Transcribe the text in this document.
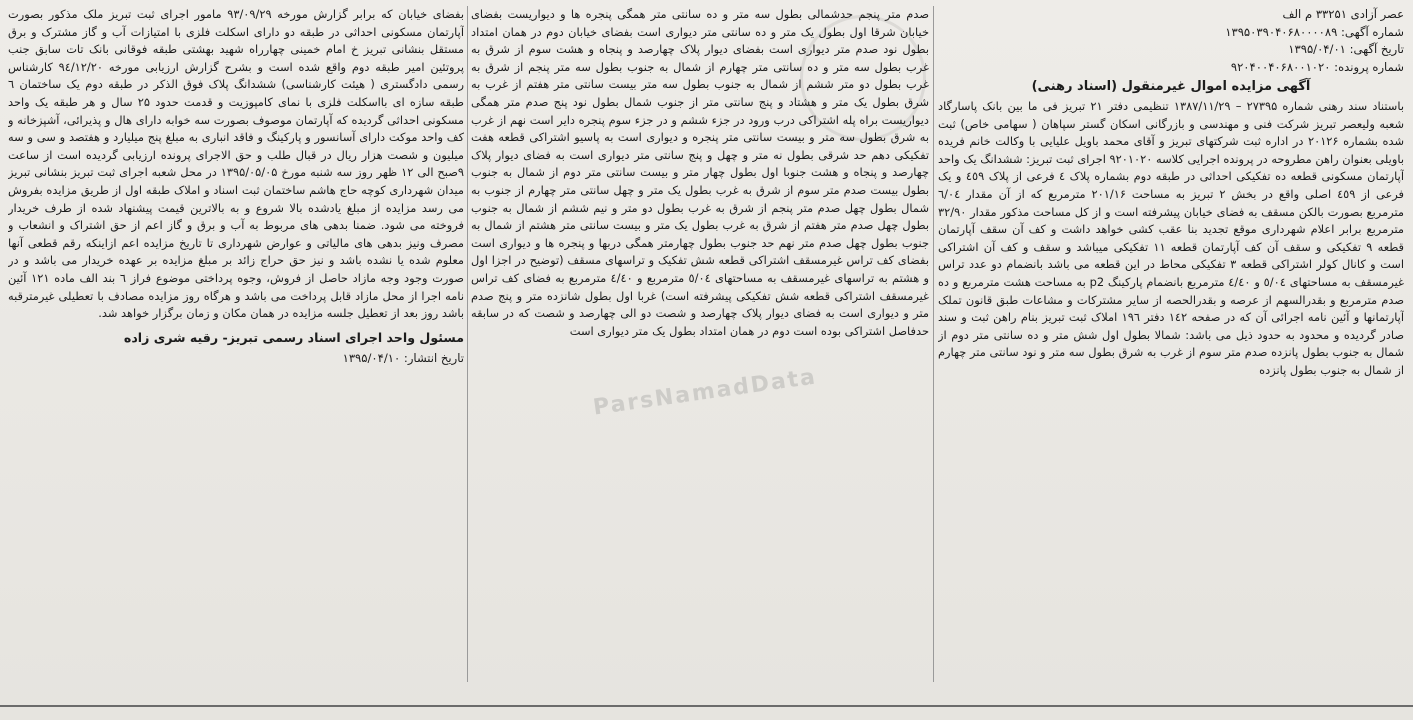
ParsNamadData
عصر آزادی ۳۳۲۵۱ م الف
شماره آگهی: ۱۳۹۵۰۳۹۰۴۰۶۸۰۰۰۰۸۹
تاریخ آگهی: ۱۳۹۵/۰۴/۰۱
شماره پرونده: ۹۲۰۴۰۰۴۰۶۸۰۰۱۰۲۰
آگهی مزایده اموال غیرمنقول (اسناد رهنی)

باستناد سند رهنی شماره ۲۷۳۹۵ – ۱۳۸۷/۱۱/۲۹ تنظیمی دفتر ۲۱ تبریز فی ما بین بانک پاسارگاد شعبه ولیعصر تبریز شرکت فنی و مهندسی و بازرگانی اسکان گستر سپاهان ( سهامی خاص) ثبت شده بشماره ۲۰۱۲۶ در اداره ثبت شرکتهای تبریز و آقای محمد باویل علیایی با وکالت خانم فریده باویلی بعنوان راهن مطروحه در پرونده اجرایی کلاسه ۹۲۰۱۰۲۰ اجرای ثبت تبریز: ششدانگ یک واحد آپارتمان مسکونی قطعه ده تفکیکی احداثی در طبقه دوم بشماره پلاک ٤ فرعی از پلاک ٤٥۹ و یک فرعی از ٤٥۹ اصلی واقع در بخش ۲ تبریز به مساحت ۲۰۱/۱۶ مترمربع که از آن مقدار ٦/٠٤ مترمربع بصورت بالکن مسقف به فضای خیابان پیشرفته است و از کل مساحت مذکور مقدار ۳۲/۹۰ مترمربع برابر اعلام شهرداری موقع تجدید بنا عقب کشی خواهد داشت و کف آن سقف آپارتمان قطعه ۹ تفکیکی و سقف آن کف آپارتمان قطعه ۱۱ تفکیکی میباشد و سقف و کف آن اشتراکی است و کانال کولر اشتراکی قطعه ۳ تفکیکی محاط در این قطعه می باشد بانضمام دو عدد تراس غیرمسقف به مساحتهای ٥/٠٤ و ٤/٤٠ مترمربع بانضمام پارکینگ p2 به مساحت هشت مترمربع و ده صدم مترمربع و بقدرالسهم از عرصه و بقدرالحصه از سایر مشترکات و مشاعات طبق قانون تملک آپارتمانها و آئین نامه اجرائی آن که در صفحه ۱٤۲ دفتر ۱۹٦ املاک ثبت تبریز بنام راهن ثبت و سند صادر گردیده و محدود به حدود ذیل می باشد: شمالا بطول اول شش متر و ده سانتی متر دوم از شمال به جنوب بطول پانزده صدم متر سوم از غرب به شرق بطول سه متر و نود سانتی متر چهارم از شمال به جنوب بطول پانزده

صدم متر پنجم حدشمالی بطول سه متر و ده سانتی متر همگی پنجره ها و دیواریست بفضای خیابان شرقا اول بطول یک متر و ده سانتی متر دیواری است بفضای خیابان دوم در همان امتداد بطول نود صدم متر دیواری است بفضای دیوار پلاک چهارصد و پنجاه و هشت سوم از شرق به غرب بطول سه متر و ده سانتی متر چهارم از شمال به جنوب بطول سه متر پنجم از شرق به غرب بطول دو متر ششم از شمال به جنوب بطول سه متر بیست سانتی متر هفتم از غرب به شرق بطول یک متر و هشتاد و پنج سانتی متر از جنوب شمال بطول نود پنج صدم متر همگی دیواریست براه پله اشتراکی درب ورود در جزء ششم و در جزء سوم پنجره دایر است نهم از غرب به شرق بطول سه متر و بیست سانتی متر پنجره و دیواری است به پاسیو اشتراکی قطعه هفت تفکیکی دهم حد شرقی بطول نه متر و چهل و پنج سانتی متر دیواری است به فضای دیوار پلاک چهارصد و پنجاه و هشت جنوبا اول بطول چهار متر و بیست سانتی متر دوم از شمال به جنوب بطول بیست صدم متر سوم از شرق به غرب بطول یک متر و چهل سانتی متر چهارم از جنوب به شمال بطول چهل صدم متر پنجم از شرق به غرب بطول دو متر و نیم ششم از شمال به جنوب بطول چهل صدم متر هفتم از شرق به غرب بطول یک متر و بیست سانتی متر هشتم از شمال به جنوب بطول چهل صدم متر نهم حد جنوب بطول چهارمتر همگی دربها و پنجره ها و دیواری است بفضای کف تراس غیرمسقف اشتراکی قطعه شش تفکیک و تراسهای مسقف (توضیح در اجزا اول و هشتم به تراسهای غیرمسقف به مساحتهای ٥/٠٤ مترمربع و ٤/٤٠ مترمربع به فضای کف تراس غیرمسقف اشتراکی قطعه شش تفکیکی پیشرفته است) غربا اول بطول شانزده متر و پنج صدم متر و دیواری است به فضای دیوار پلاک چهارصد و شصت دو الی چهارصد و شصت که در سابقه حدفاصل اشتراکی بوده است دوم در همان امتداد بطول یک متر دیواری است

بفضای خیابان که برابر گزارش مورخه ۹۳/۰۹/۲۹ مامور اجرای ثبت تبریز ملک مذکور بصورت آپارتمان مسکونی احداثی در طبقه دو دارای اسکلت فلزی با امتیازات آب و گاز مشترک و برق مستقل بنشانی تبریز خ امام خمینی چهارراه شهید بهشتی طبقه فوقانی بانک تات سابق جنب پروتئین امیر طبقه دوم واقع شده است و بشرح گزارش ارزیابی مورخه ۹٤/۱۲/۲۰ کارشناس رسمی دادگستری ( هیئت کارشناسی) ششدانگ پلاک فوق الذکر در طبقه دوم یک ساختمان ٦ طبقه سازه ای بااسکلت فلزی با نمای کامپوزیت و قدمت حدود ۲۵ سال و هر طبقه یک واحد مسکونی احداثی گردیده که آپارتمان موصوف بصورت سه خوابه دارای هال و پذیرائی، آشپزخانه و کف واحد موکت دارای آسانسور و پارکینگ و فاقد انباری به مبلغ پنج میلیارد و هفتصد و سی و سه میلیون و شصت هزار ریال در قبال طلب و حق الاجرای پرونده ارزیابی گردیده است از ساعت ۹صبح الی ۱۲ ظهر روز سه شنبه مورخ ۱۳۹۵/۰۵/۰۵ در محل شعبه اجرای ثبت تبریز بنشانی تبریز میدان شهرداری کوچه حاج هاشم ساختمان ثبت اسناد و املاک طبقه اول از طریق مزایده بفروش می رسد مزایده از مبلغ یادشده بالا شروع و به بالاترین قیمت پیشنهاد شده از طرف خریدار فروخته می شود. ضمنا بدهی های مربوط به آب و برق و گاز اعم از حق اشتراک و انشعاب و مصرف ونیز بدهی های مالیاتی و عوارض شهرداری تا تاریخ مزایده اعم ازاینکه رقم قطعی آنها معلوم شده یا نشده باشد و نیز حق حراج زائد بر مبلغ مزایده بر عهده خریدار می باشد و در صورت وجود وجه مازاد حاصل از فروش، وجوه پرداختی موضوع فراز ٦ بند الف ماده ۱۲۱ آئین نامه اجرا از محل مازاد قابل پرداخت می باشد و هرگاه روز مزایده مصادف با تعطیلی غیرمترقبه باشد روز بعد از تعطیل جلسه مزایده در همان مکان و زمان برگزار خواهد شد.

مسئول واحد اجرای اسناد رسمی تبریز- رقیه شری زاده
تاریخ انتشار: ۱۳۹۵/۰۴/۱۰
